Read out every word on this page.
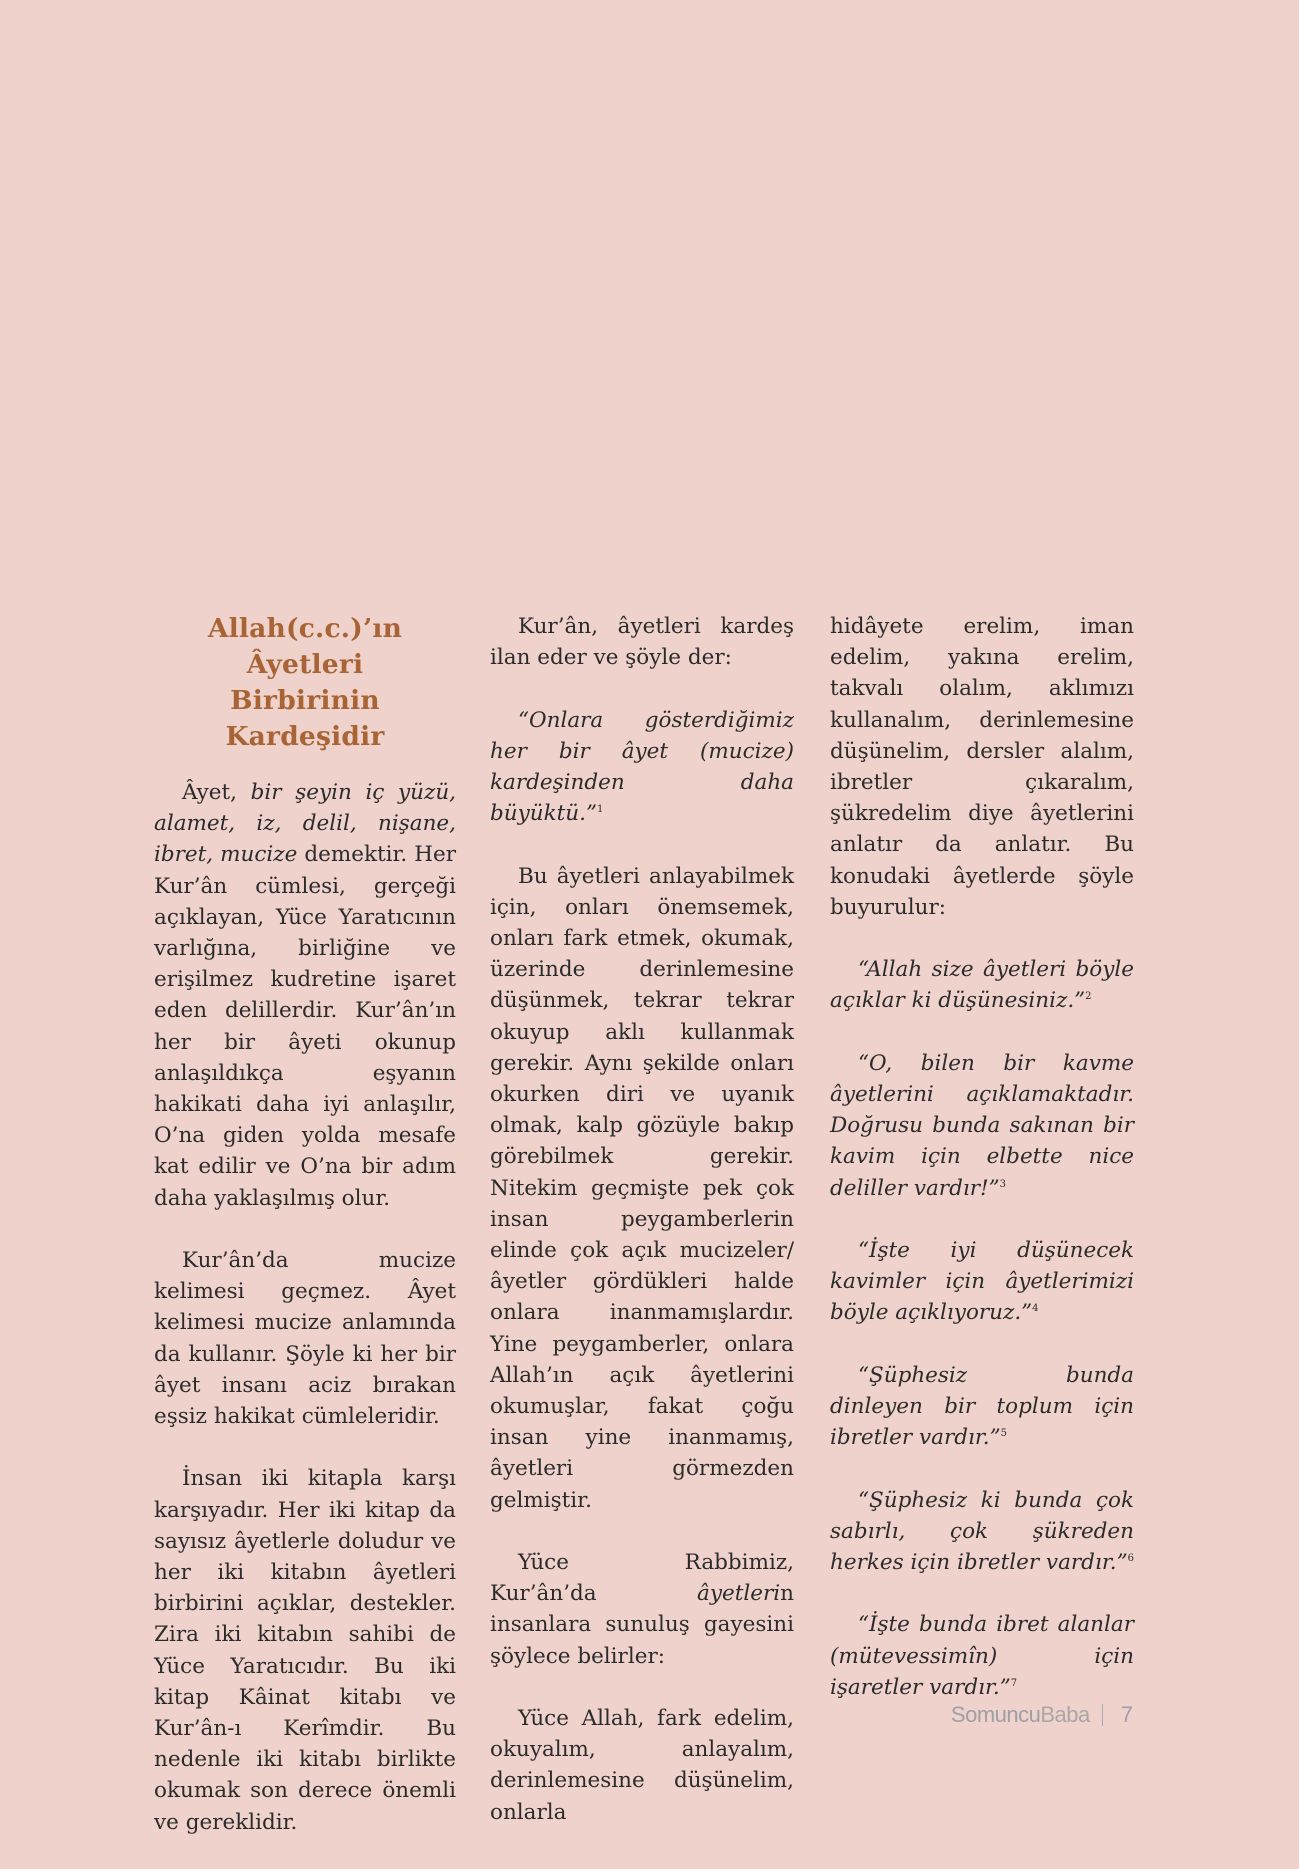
Allah(c.c.)’ın Âyetleri
Birbirinin Kardeşidir

Âyet, bir şeyin iç yüzü, alamet, iz, delil, nişane, ibret, mucize demektir. Her Kur’ân cümlesi, gerçeği açıklayan, Yüce Yaratıcının varlığına, birliğine ve erişilmez kudretine işaret eden delillerdir. Kur’ân’ın her bir âyeti okunup anlaşıldıkça eşyanın hakikati daha iyi anlaşılır, O’na giden yolda mesafe kat edilir ve O’na bir adım daha yaklaşılmış olur.

Kur’ân’da mucize kelimesi geçmez. Âyet kelimesi mucize anlamında da kullanır. Şöyle ki her bir âyet insanı aciz bırakan eşsiz hakikat cümleleridir.

İnsan iki kitapla karşı karşıyadır. Her iki kitap da sayısız âyetlerle doludur ve her iki kitabın âyetleri birbirini açıklar, destekler. Zira iki kitabın sahibi de Yüce Yaratıcıdır. Bu iki kitap Kâinat kitabı ve Kur’ân-ı Kerîmdir. Bu nedenle iki kitabı birlikte okumak son derece önemli ve gereklidir.

Kur’ân, âyetleri kardeş ilan eder ve şöyle der:

“Onlara gösterdiğimiz her bir âyet (mucize) kardeşinden daha büyüktü.”$^1$

Bu âyetleri anlayabilmek için, onları önemsemek, onları fark etmek, okumak, üzerinde derinlemesine düşünmek, tekrar tekrar okuyup aklı kullanmak gerekir. Aynı şekilde onları okurken diri ve uyanık olmak, kalp gözüyle bakıp görebilmek gerekir. Nitekim geçmişte pek çok insan peygamberlerin elinde çok açık mucizeler/âyetler gördükleri halde onlara inanmamışlardır. Yine peygamberler, onlara Allah’ın açık âyetlerini okumuşlar, fakat çoğu insan yine inanmamış, âyetleri görmezden gelmiştir.

Yüce Rabbimiz, Kur’ân’da âyetlerin insanlara sunuluş gayesini şöylece belirler:

Yüce Allah, fark edelim, okuyalım, anlayalım, derinlemesine düşünelim, onlarla

hidâyete erelim, iman edelim, yakına erelim, takvalı olalım, aklımızı kullanalım, derinlemesine düşünelim, dersler alalım, ibretler çıkaralım, şükredelim diye âyetlerini anlatır da anlatır. Bu konudaki âyetlerde şöyle buyurulur:

“Allah size âyetleri böyle açıklar ki düşünesiniz.”$^2$

“O, bilen bir kavme âyetlerini açıklamaktadır. Doğrusu bunda sakınan bir kavim için elbette nice deliller vardır!”$^3$

“İşte iyi düşünecek kavimler için âyetlerimizi böyle açıklıyoruz.”$^4$

“Şüphesiz bunda dinleyen bir toplum için ibretler vardır.”$^5$

“Şüphesiz ki bunda çok sabırlı, çok şükreden herkes için ibretler vardır.”$^6$

“İşte bunda ibret alanlar (mütevessimîn) için işaretler vardır.”$^7$

SomuncuBaba 7
